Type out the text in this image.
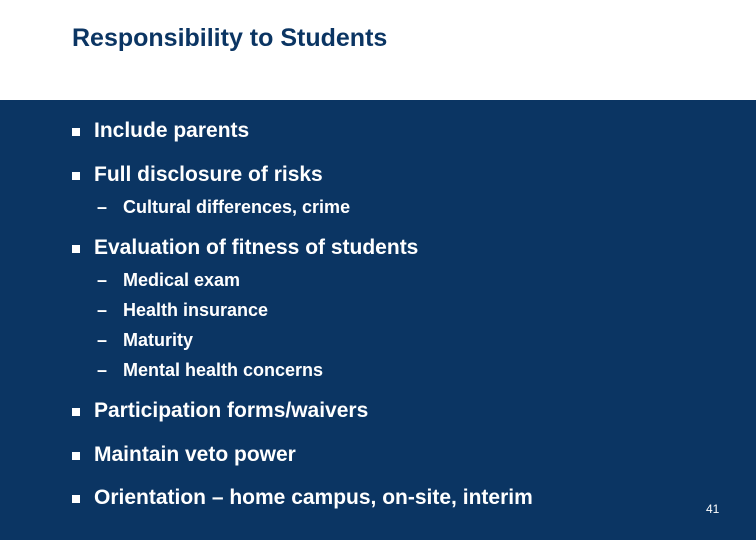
Responsibility to Students
Include parents
Full disclosure of risks
– Cultural differences, crime
Evaluation of fitness of students
– Medical exam
– Health insurance
– Maturity
– Mental health concerns
Participation forms/waivers
Maintain veto power
Orientation – home campus, on-site, interim	41
